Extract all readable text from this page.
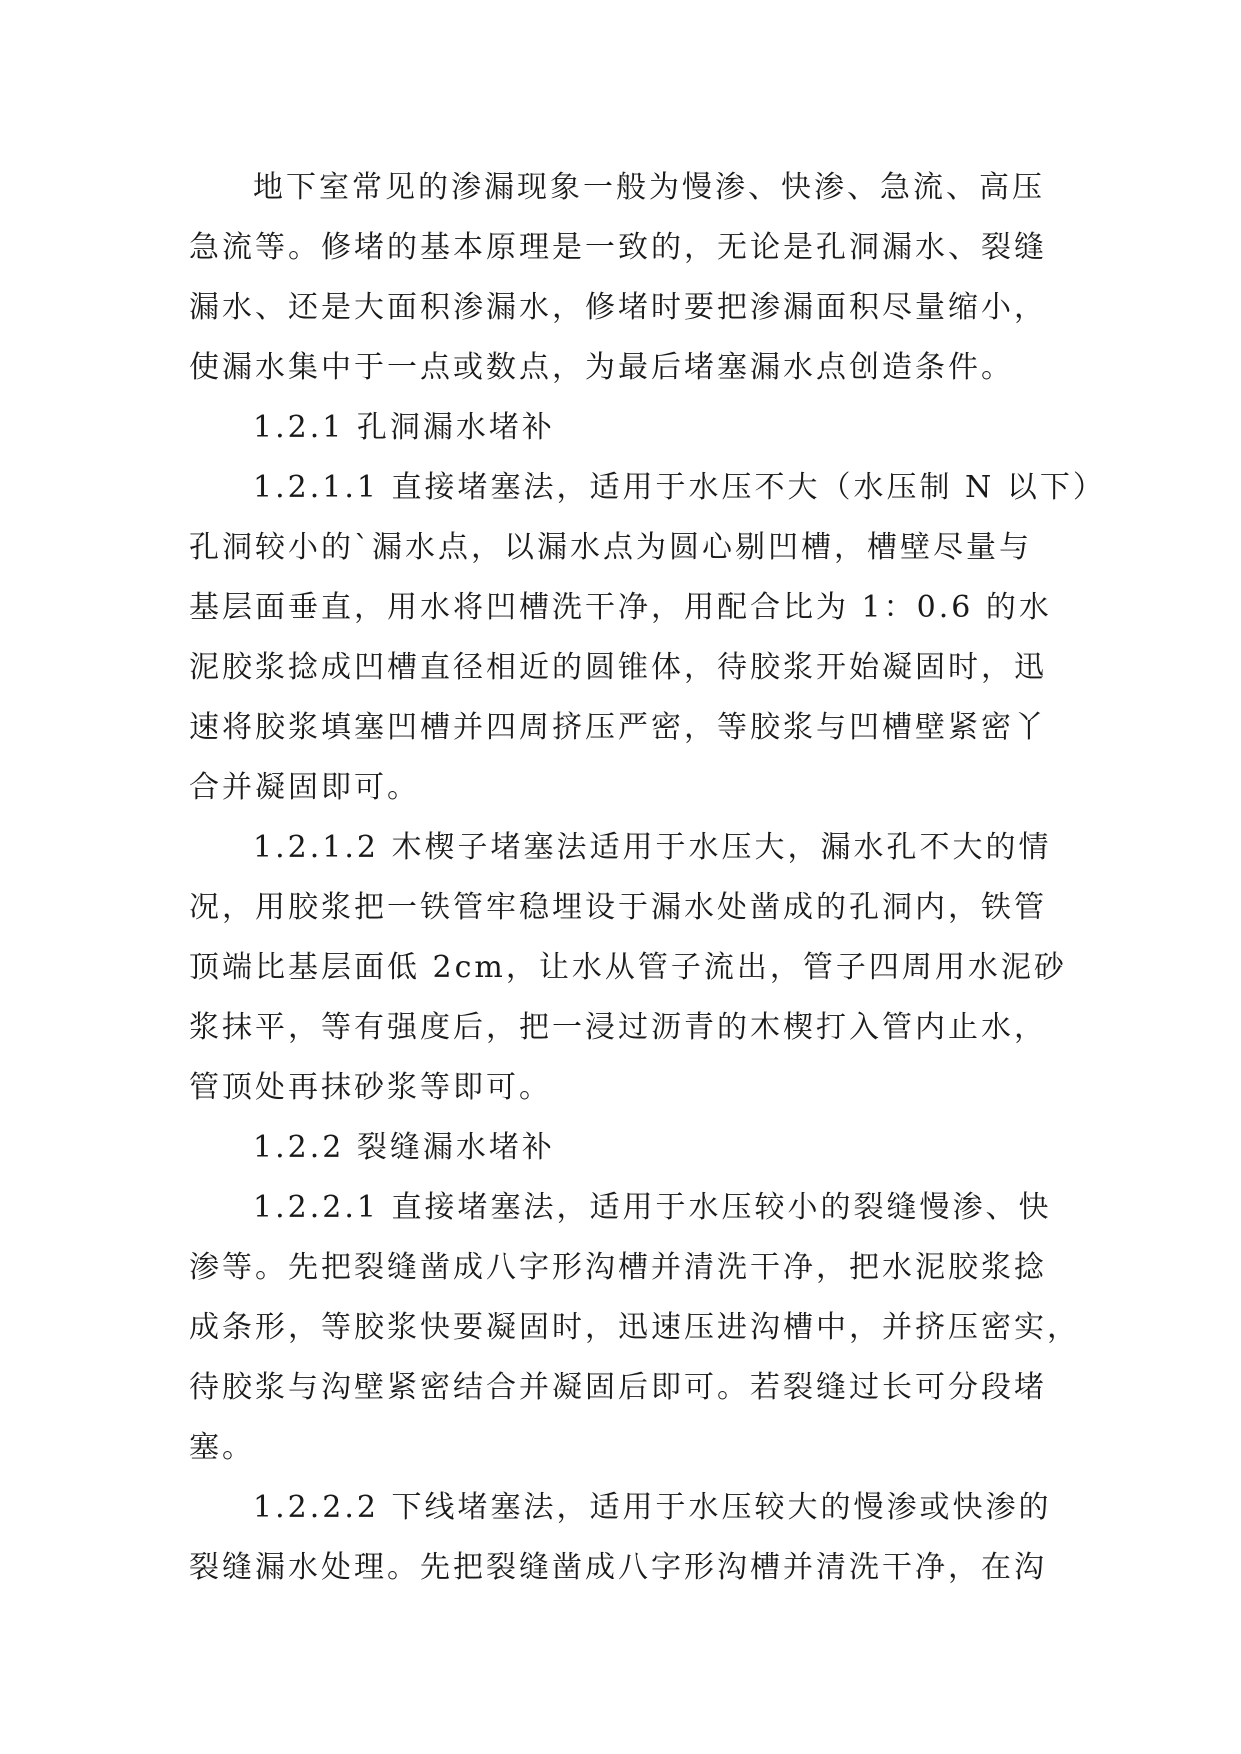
地下室常见的渗漏现象一般为慢渗、快渗、急流、高压
急流等。修堵的基本原理是一致的，无论是孔洞漏水、裂缝
漏水、还是大面积渗漏水，修堵时要把渗漏面积尽量缩小，
使漏水集中于一点或数点，为最后堵塞漏水点创造条件。

1.2.1 孔洞漏水堵补

1.2.1.1 直接堵塞法，适用于水压不大（水压制 N 以下）
孔洞较小的`漏水点，以漏水点为圆心剔凹槽，槽壁尽量与
基层面垂直，用水将凹槽洗干净，用配合比为 1：0.6 的水
泥胶浆捻成凹槽直径相近的圆锥体，待胶浆开始凝固时，迅
速将胶浆填塞凹槽并四周挤压严密，等胶浆与凹槽壁紧密丫
合并凝固即可。

1.2.1.2 木楔子堵塞法适用于水压大，漏水孔不大的情
况，用胶浆把一铁管牢稳埋设于漏水处凿成的孔洞内，铁管
顶端比基层面低 2cm，让水从管子流出，管子四周用水泥砂
浆抹平，等有强度后，把一浸过沥青的木楔打入管内止水，
管顶处再抹砂浆等即可。

1.2.2 裂缝漏水堵补

1.2.2.1 直接堵塞法，适用于水压较小的裂缝慢渗、快
渗等。先把裂缝凿成八字形沟槽并清洗干净，把水泥胶浆捻
成条形，等胶浆快要凝固时，迅速压进沟槽中，并挤压密实，
待胶浆与沟壁紧密结合并凝固后即可。若裂缝过长可分段堵
塞。

1.2.2.2 下线堵塞法，适用于水压较大的慢渗或快渗的
裂缝漏水处理。先把裂缝凿成八字形沟槽并清洗干净，在沟
